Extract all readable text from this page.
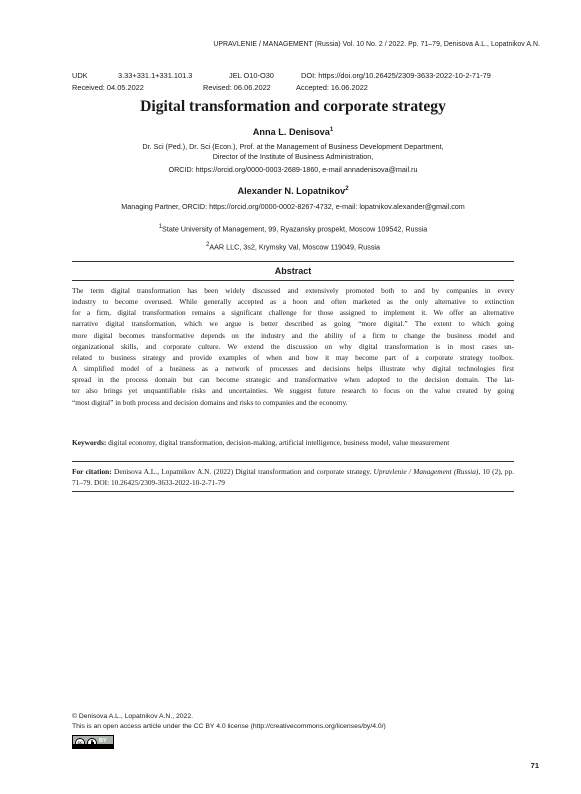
UPRAVLENIE / MANAGEMENT (Russia) Vol. 10 No. 2 / 2022. Pp. 71–79, Denisova A.L., Lopatnikov A.N.
UDK	3.33+331.1+331.101.3	JEL O10-O30	DOI: https://doi.org/10.26425/2309-3633-2022-10-2-71-79
Received: 04.05.2022	Revised: 06.06.2022	Accepted: 16.06.2022
Digital transformation and corporate strategy
Anna L. Denisova$^1$
Dr. Sci (Ped.), Dr. Sci (Econ.), Prof. at the Management of Business Development Department,
Director of the Institute of Business Administration,
ORCID: https://orcid.org/0000-0003-2689-1860, e-mail annadenisova@mail.ru
Alexander N. Lopatnikov$^2$
Managing Partner, ORCID: https://orcid.org/0000-0002-8267-4732, e-mail: lopatnikov.alexander@gmail.com
$^1$State University of Management, 99, Ryazansky prospekt, Moscow 109542, Russia
$^2$AAR LLC, 3s2, Krymsky Val, Moscow 119049, Russia
Abstract
The term digital transformation has been widely discussed and extensively promoted both to and by companies in every
industry to become overused. While generally accepted as a boon and often marketed as the only alternative to extinction
for a firm, digital transformation remains a significant challenge for those assigned to implement it. We offer an alternative
narrative digital transformation, which we argue is better described as going “more digital.” The extent to which going
more digital becomes transformative depends on the industry and the ability of a firm to change the business model and
organizational skills, and corporate culture. We extend the discussion on why digital transformation is in most cases un-
related to business strategy and provide examples of when and how it may become part of a corporate strategy toolbox.
A simplified model of a business as a network of processes and decisions helps illustrate why digital technologies first
spread in the process domain but can become strategic and transformative when adopted to the decision domain. The lat-
ter also brings yet unquantifiable risks and uncertainties. We suggest future research to focus on the value created by going
“most digital” in both process and decision domains and risks to companies and the economy.
Keywords: digital economy, digital transformation, decision-making, artificial intelligence, business model, value measurement
For citation: Denisova A.L., Lopatnikov A.N. (2022) Digital transformation and corporate strategy. Upravlenie / Management (Russia), 10 (2), pp. 71–79. DOI: 10.26425/2309-3633-2022-10-2-71-79
© Denisova A.L., Lopatnikov A.N., 2022.
This is an open access article under the CC BY 4.0 license (http://creativecommons.org/licenses/by/4.0/)
cc	BY
71
